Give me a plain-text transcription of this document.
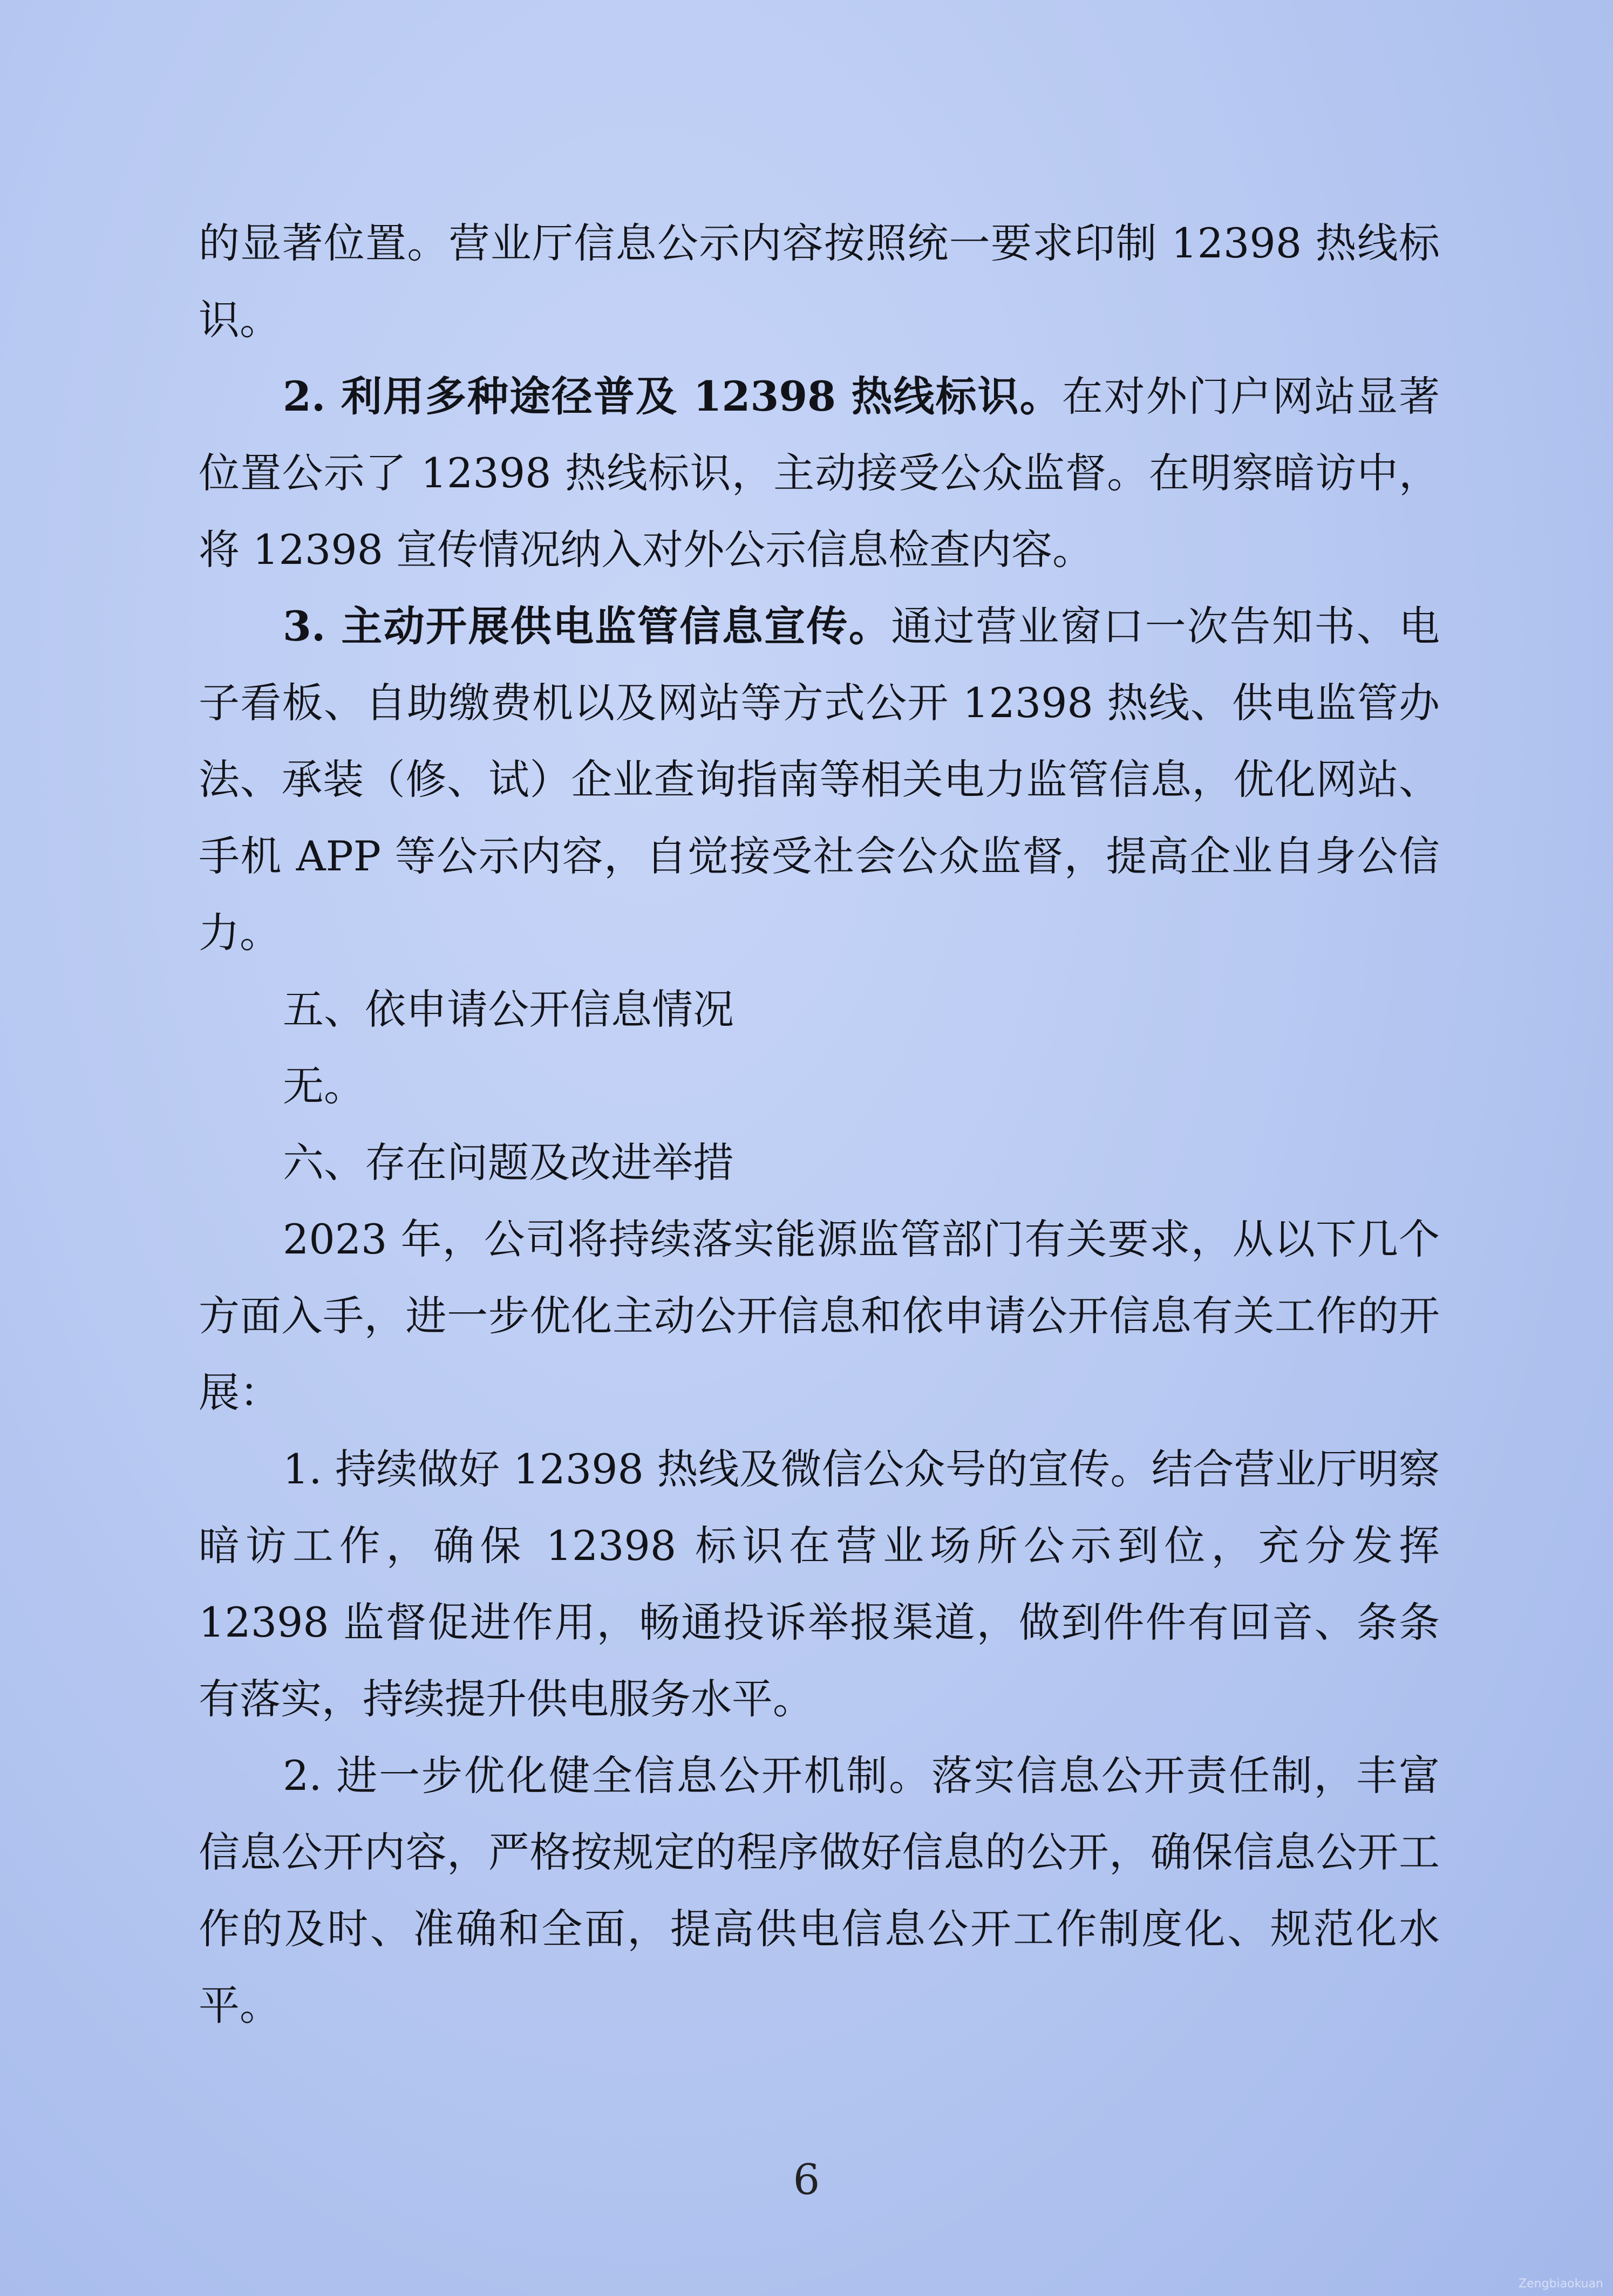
的显著位置。营业厅信息公示内容按照统一要求印制 12398 热线标识。

2. 利用多种途径普及 12398 热线标识。在对外门户网站显著位置公示了 12398 热线标识，主动接受公众监督。在明察暗访中，将 12398 宣传情况纳入对外公示信息检查内容。

3. 主动开展供电监管信息宣传。通过营业窗口一次告知书、电子看板、自助缴费机以及网站等方式公开 12398 热线、供电监管办法、承装（修、试）企业查询指南等相关电力监管信息，优化网站、手机 APP 等公示内容，自觉接受社会公众监督，提高企业自身公信力。

五、依申请公开信息情况

无。

六、存在问题及改进举措

2023 年，公司将持续落实能源监管部门有关要求，从以下几个方面入手，进一步优化主动公开信息和依申请公开信息有关工作的开展：

1. 持续做好 12398 热线及微信公众号的宣传。结合营业厅明察暗访工作，确保 12398 标识在营业场所公示到位，充分发挥 12398 监督促进作用，畅通投诉举报渠道，做到件件有回音、条条有落实，持续提升供电服务水平。

2. 进一步优化健全信息公开机制。落实信息公开责任制，丰富信息公开内容，严格按规定的程序做好信息的公开，确保信息公开工作的及时、准确和全面，提高供电信息公开工作制度化、规范化水平。

6
Zengbiaokuan
